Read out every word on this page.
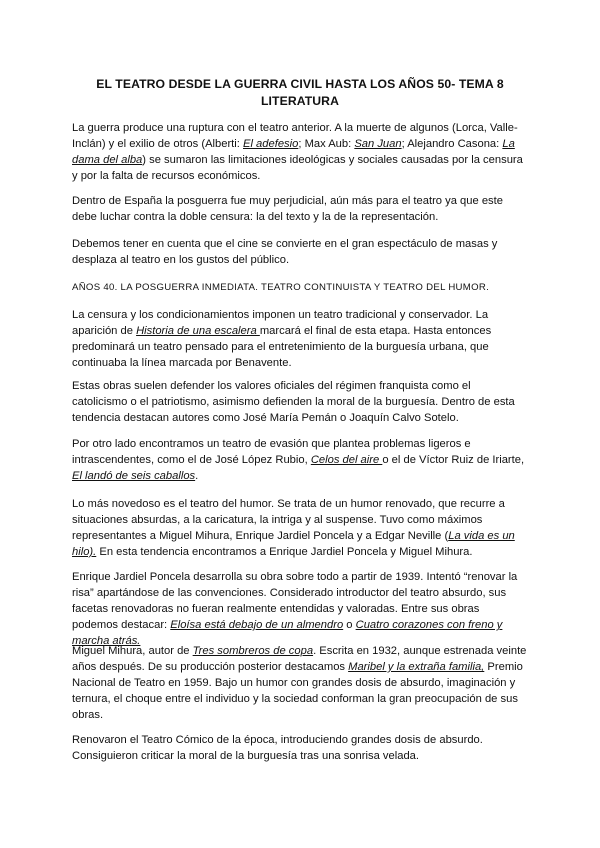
EL TEATRO DESDE LA GUERRA CIVIL HASTA LOS AÑOS 50- TEMA 8
LITERATURA
La guerra produce una ruptura con el teatro anterior. A la muerte de algunos (Lorca, Valle-Inclán) y el exilio de otros (Alberti: El adefesio; Max Aub: San Juan; Alejandro Casona: La dama del alba) se sumaron las limitaciones ideológicas y sociales causadas por la censura y por la falta de recursos económicos.
Dentro de España la posguerra fue muy perjudicial, aún más para el teatro ya que este debe luchar contra la doble censura: la del texto y la de la representación.
Debemos tener en cuenta que el cine se convierte en el gran espectáculo de masas y desplaza al teatro en los gustos del público.
AÑOS 40. LA POSGUERRA INMEDIATA. TEATRO CONTINUISTA Y TEATRO DEL HUMOR.
La censura y los condicionamientos imponen un teatro tradicional y conservador. La aparición de Historia de una escalera marcará el final de esta etapa. Hasta entonces predominará un teatro pensado para el entretenimiento de la burguesía urbana, que continuaba la línea marcada por Benavente.
Estas obras suelen defender los valores oficiales del régimen franquista como el catolicismo o el patriotismo, asimismo defienden la moral de la burguesía. Dentro de esta tendencia destacan autores como José María Pemán o Joaquín Calvo Sotelo.
Por otro lado encontramos un teatro de evasión que plantea problemas ligeros e intrascendentes, como el de José López Rubio, Celos del aire o el de Víctor Ruiz de Iriarte, El landó de seis caballos.
Lo más novedoso es el teatro del humor. Se trata de un humor renovado, que recurre a situaciones absurdas, a la caricatura, la intriga y al suspense. Tuvo como máximos representantes a Miguel Mihura, Enrique Jardiel Poncela y a Edgar Neville (La vida es un hilo). En esta tendencia encontramos a Enrique Jardiel Poncela y Miguel Mihura.
Enrique Jardiel Poncela desarrolla su obra sobre todo a partir de 1939. Intentó “renovar la risa” apartándose de las convenciones. Considerado introductor del teatro absurdo, sus facetas renovadoras no fueran realmente entendidas y valoradas. Entre sus obras podemos destacar: Eloísa está debajo de un almendro o Cuatro corazones con freno y marcha atrás.
Miguel Mihura, autor de Tres sombreros de copa. Escrita en 1932, aunque estrenada veinte años después. De su producción posterior destacamos Maribel y la extraña familia, Premio Nacional de Teatro en 1959. Bajo un humor con grandes dosis de absurdo, imaginación y ternura, el choque entre el individuo y la sociedad conforman la gran preocupación de sus obras.
Renovaron el Teatro Cómico de la época, introduciendo grandes dosis de absurdo. Consiguieron criticar la moral de la burguesía tras una sonrisa velada.
